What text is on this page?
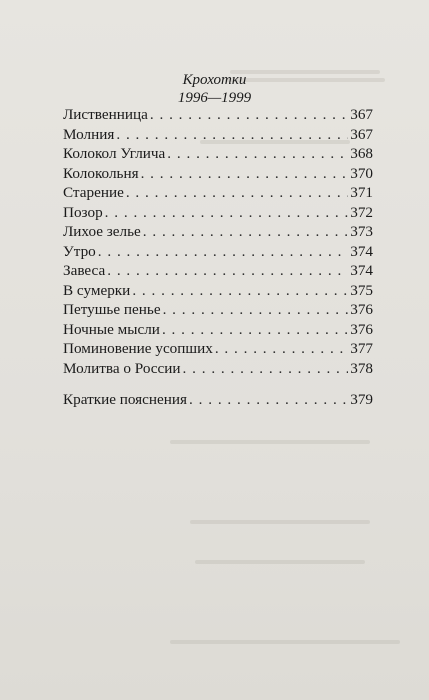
Крохотки
1996—1999
Лиственница . . .	367
Молния . . .	367
Колокол Углича . . .	368
Колокольня . . .	370
Старение . . .	371
Позор . . .	372
Лихое зелье . . .	373
Утро . . .	374
Завеса . . .	374
В сумерки . . .	375
Петушье пенье . . .	376
Ночные мысли . . .	376
Поминовение усопших . . .	377
Молитва о России . . .	378
Краткие пояснения . . .	379
